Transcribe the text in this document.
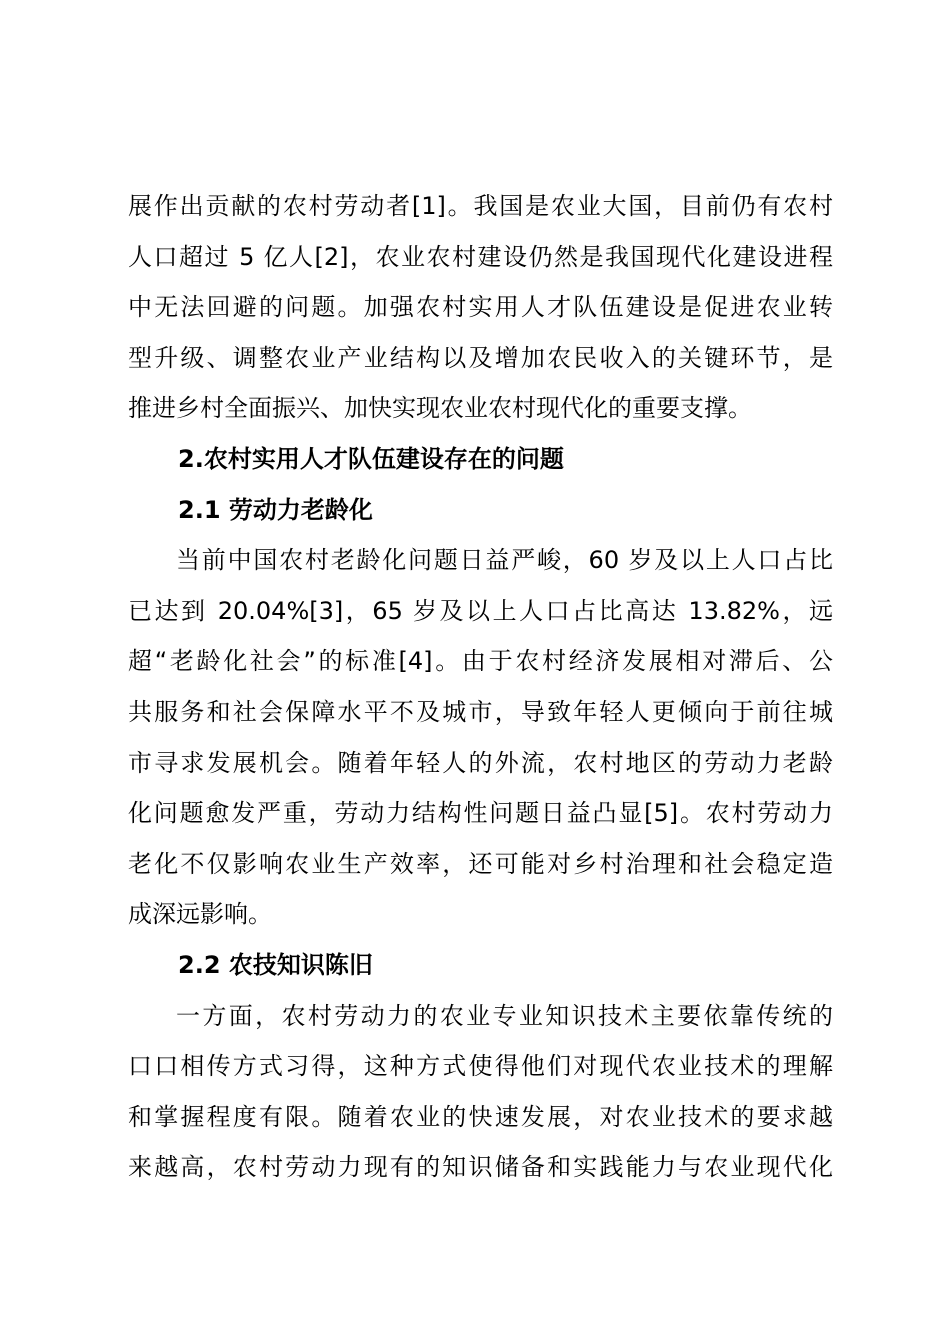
展作出贡献的农村劳动者[1]。我国是农业大国，目前仍有农村

人口超过 5 亿人[2]，农业农村建设仍然是我国现代化建设进程

中无法回避的问题。加强农村实用人才队伍建设是促进农业转

型升级、调整农业产业结构以及增加农民收入的关键环节，是

推进乡村全面振兴、加快实现农业农村现代化的重要支撑。

2.农村实用人才队伍建设存在的问题
2.1 劳动力老龄化

当前中国农村老龄化问题日益严峻，60 岁及以上人口占比

已达到 20.04%[3]，65 岁及以上人口占比高达 13.82%，远

超“老龄化社会”的标准[4]。由于农村经济发展相对滞后、公

共服务和社会保障水平不及城市，导致年轻人更倾向于前往城

市寻求发展机会。随着年轻人的外流，农村地区的劳动力老龄

化问题愈发严重，劳动力结构性问题日益凸显[5]。农村劳动力

老化不仅影响农业生产效率，还可能对乡村治理和社会稳定造

成深远影响。

2.2 农技知识陈旧

一方面，农村劳动力的农业专业知识技术主要依靠传统的

口口相传方式习得，这种方式使得他们对现代农业技术的理解

和掌握程度有限。随着农业的快速发展，对农业技术的要求越

来越高，农村劳动力现有的知识储备和实践能力与农业现代化
